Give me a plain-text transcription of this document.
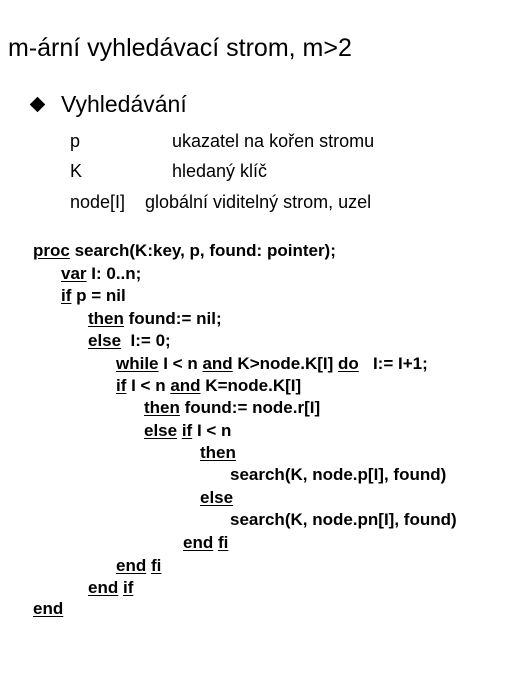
m-ární vyhledávací strom, m>2
Vyhledávání
p	ukazatel na kořen stromu
K	hledaný klíč
node[I] globální viditelný strom, uzel
proc search(K:key, p, found: pointer);
var I: 0..n;
if p = nil
then found:= nil;
else  I:= 0;
while I < n and K>node.K[I] do   I:= I+1;
if I < n and K=node.K[I]
then found:= node.r[I]
else if I < n
then
search(K, node.p[I], found)
else
search(K, node.pn[I], found)
end fi
end fi
end if
end
